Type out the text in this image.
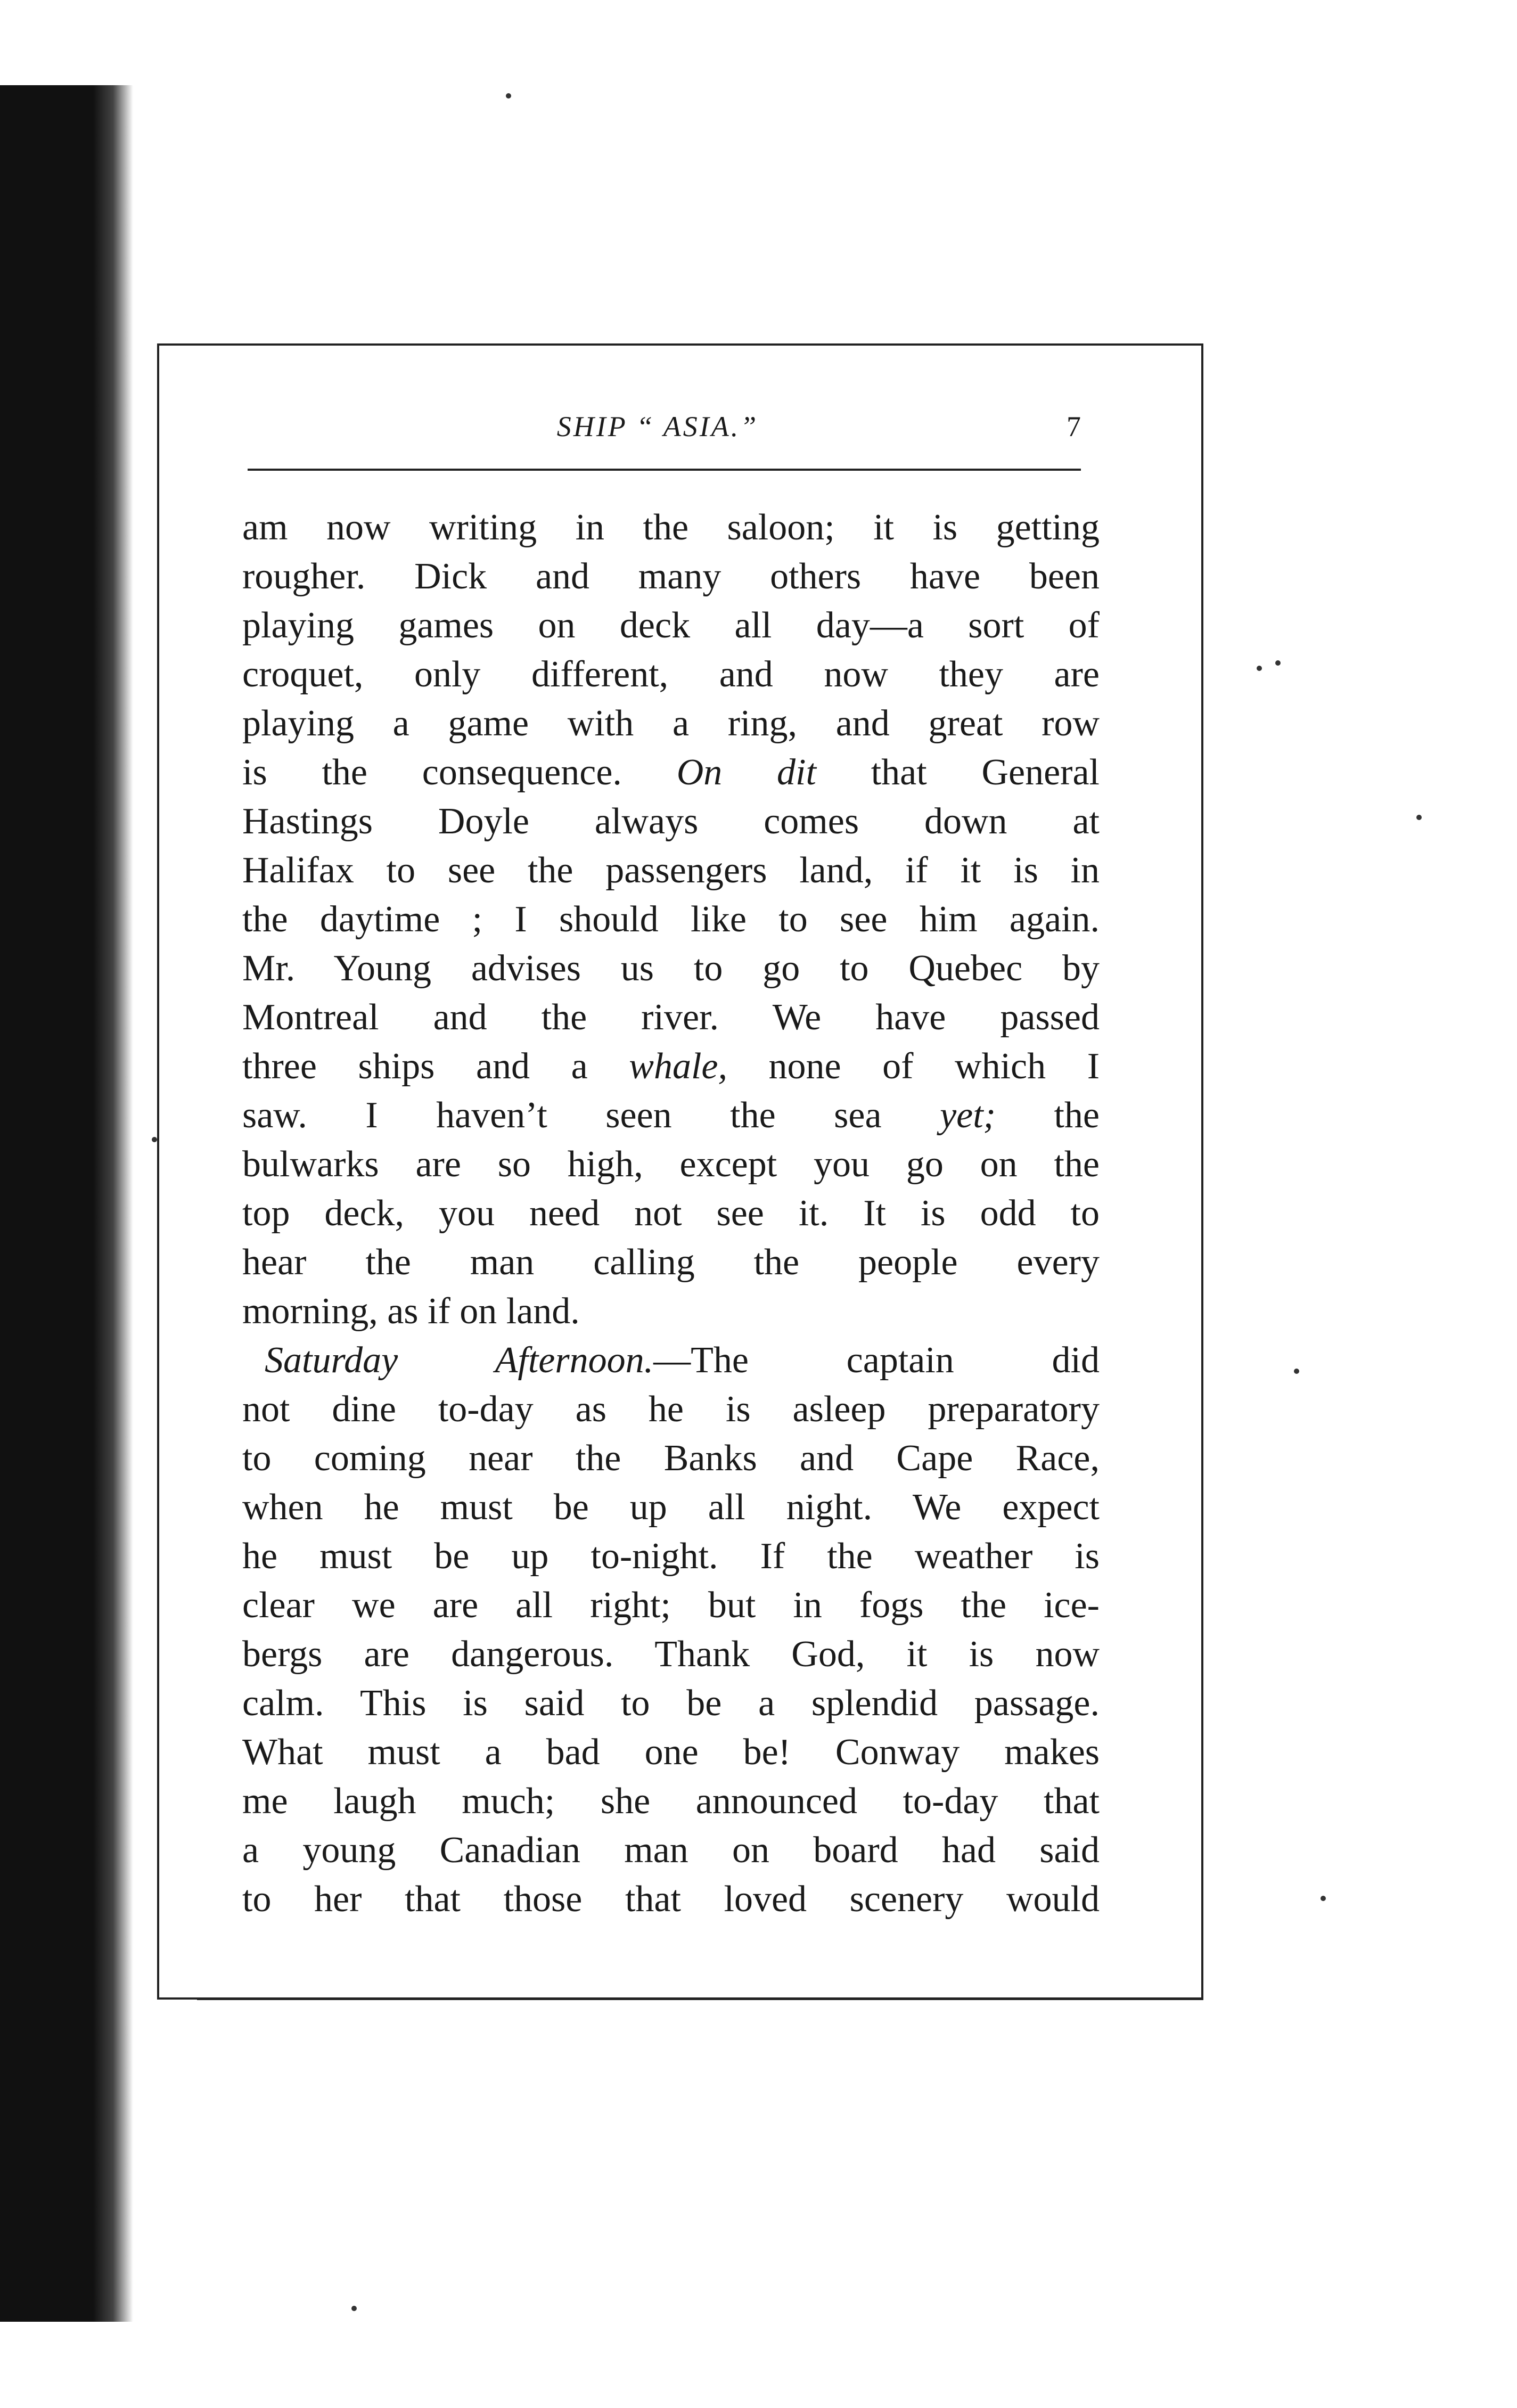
SHIP “ ASIA.”	7
am now writing in the saloon; it is getting
rougher. Dick and many others have been
playing games on deck all day—a sort of
croquet, only different, and now they are
playing a game with a ring, and great row
is the consequence. On dit that General
Hastings Doyle always comes down at
Halifax to see the passengers land, if it is in
the daytime ; I should like to see him again.
Mr. Young advises us to go to Quebec by
Montreal and the river. We have passed
three ships and a whale, none of which I
saw. I haven’t seen the sea yet; the
bulwarks are so high, except you go on the
top deck, you need not see it. It is odd to
hear the man calling the people every
morning, as if on land.
Saturday Afternoon.—The captain did
not dine to-day as he is asleep preparatory
to coming near the Banks and Cape Race,
when he must be up all night. We expect
he must be up to-night. If the weather is
clear we are all right; but in fogs the ice-
bergs are dangerous. Thank God, it is now
calm. This is said to be a splendid passage.
What must a bad one be! Conway makes
me laugh much; she announced to-day that
a young Canadian man on board had said
to her that those that loved scenery would
